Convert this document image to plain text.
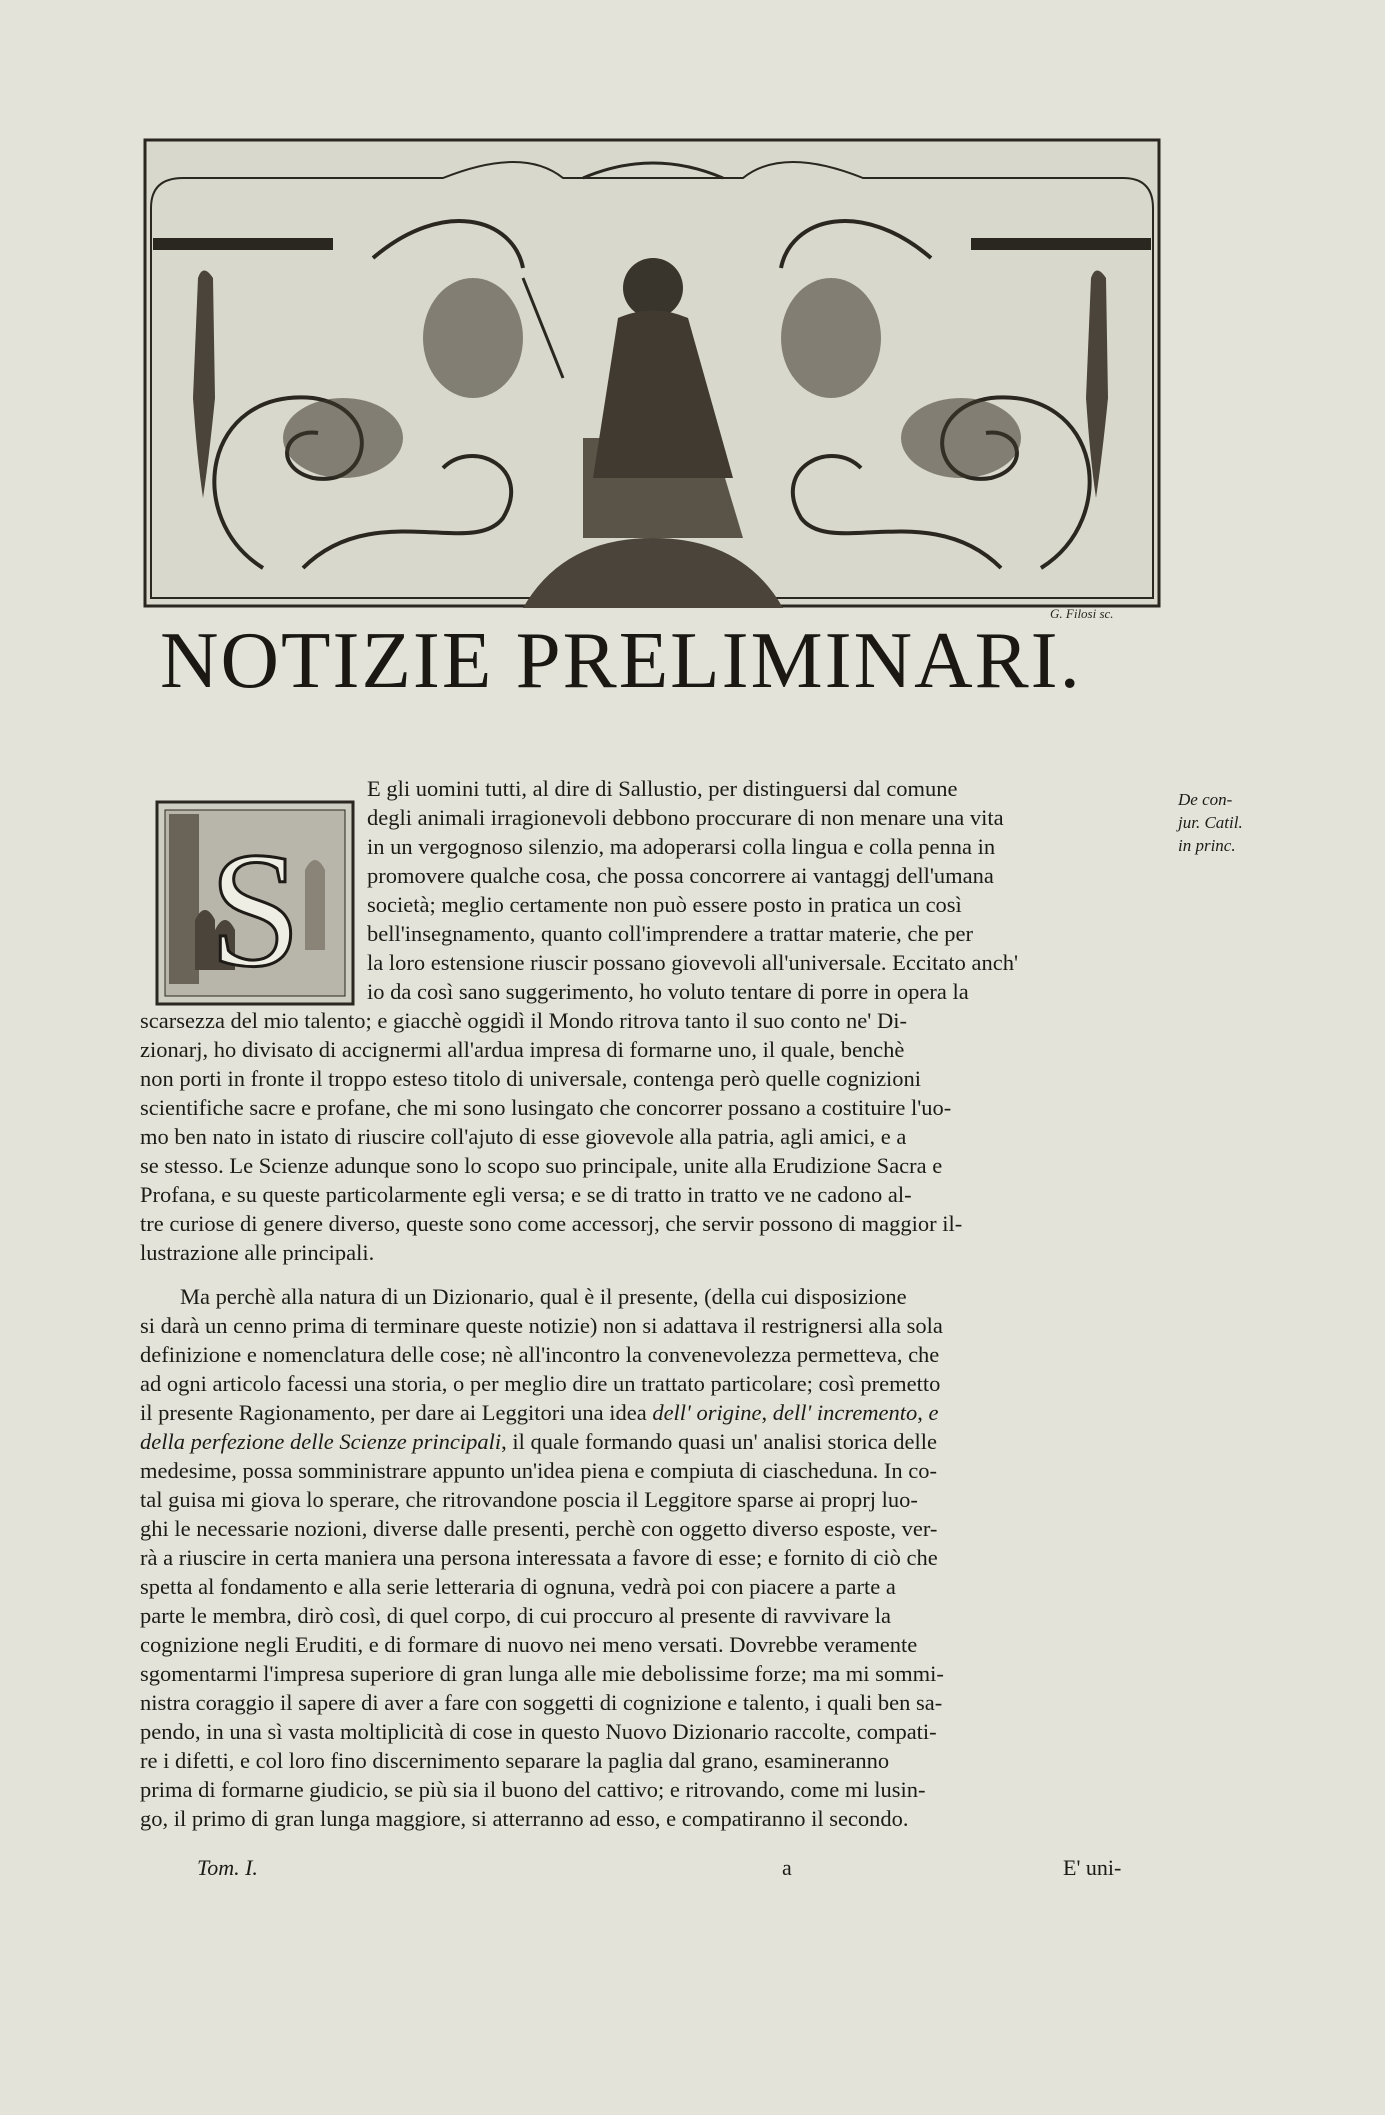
G. Filosi sc.
NOTIZIE PRELIMINARI.
S
De con-
jur. Catil.
in princ.
E gli uomini tutti, al dire di Sallustio, per distinguersi dal comune
degli animali irragionevoli debbono proccurare di non menare una vita
in un vergognoso silenzio, ma adoperarsi colla lingua e colla penna in
promovere qualche cosa, che possa concorrere ai vantaggj dell'umana
società; meglio certamente non può essere posto in pratica un così
bell'insegnamento, quanto coll'imprendere a trattar materie, che per
la loro estensione riuscir possano giovevoli all'universale. Eccitato anch'
io da così sano suggerimento, ho voluto tentare di porre in opera la
scarsezza del mio talento; e giacchè oggidì il Mondo ritrova tanto il suo conto ne' Di-
zionarj, ho divisato di accignermi all'ardua impresa di formarne uno, il quale, benchè
non porti in fronte il troppo esteso titolo di universale, contenga però quelle cognizioni
scientifiche sacre e profane, che mi sono lusingato che concorrer possano a costituire l'uo-
mo ben nato in istato di riuscire coll'ajuto di esse giovevole alla patria, agli amici, e a
se stesso. Le Scienze adunque sono lo scopo suo principale, unite alla Erudizione Sacra e
Profana, e su queste particolarmente egli versa; e se di tratto in tratto ve ne cadono al-
tre curiose di genere diverso, queste sono come accessorj, che servir possono di maggior il-
lustrazione alle principali.
Ma perchè alla natura di un Dizionario, qual è il presente, (della cui disposizione
si darà un cenno prima di terminare queste notizie) non si adattava il restrignersi alla sola
definizione e nomenclatura delle cose; nè all'incontro la convenevolezza permetteva, che
ad ogni articolo facessi una storia, o per meglio dire un trattato particolare; così premetto
il presente Ragionamento, per dare ai Leggitori una idea dell' origine, dell' incremento, e
della perfezione delle Scienze principali, il quale formando quasi un' analisi storica delle
medesime, possa somministrare appunto un'idea piena e compiuta di ciascheduna. In co-
tal guisa mi giova lo sperare, che ritrovandone poscia il Leggitore sparse ai proprj luo-
ghi le necessarie nozioni, diverse dalle presenti, perchè con oggetto diverso esposte, ver-
rà a riuscire in certa maniera una persona interessata a favore di esse; e fornito di ciò che
spetta al fondamento e alla serie letteraria di ognuna, vedrà poi con piacere a parte a
parte le membra, dirò così, di quel corpo, di cui proccuro al presente di ravvivare la
cognizione negli Eruditi, e di formare di nuovo nei meno versati. Dovrebbe veramente
sgomentarmi l'impresa superiore di gran lunga alle mie debolissime forze; ma mi sommi-
nistra coraggio il sapere di aver a fare con soggetti di cognizione e talento, i quali ben sa-
pendo, in una sì vasta moltiplicità di cose in questo Nuovo Dizionario raccolte, compati-
re i difetti, e col loro fino discernimento separare la paglia dal grano, esamineranno
prima di formarne giudicio, se più sia il buono del cattivo; e ritrovando, come mi lusin-
go, il primo di gran lunga maggiore, si atterranno ad esso, e compatiranno il secondo.
Tom. I.	a	E' uni-
